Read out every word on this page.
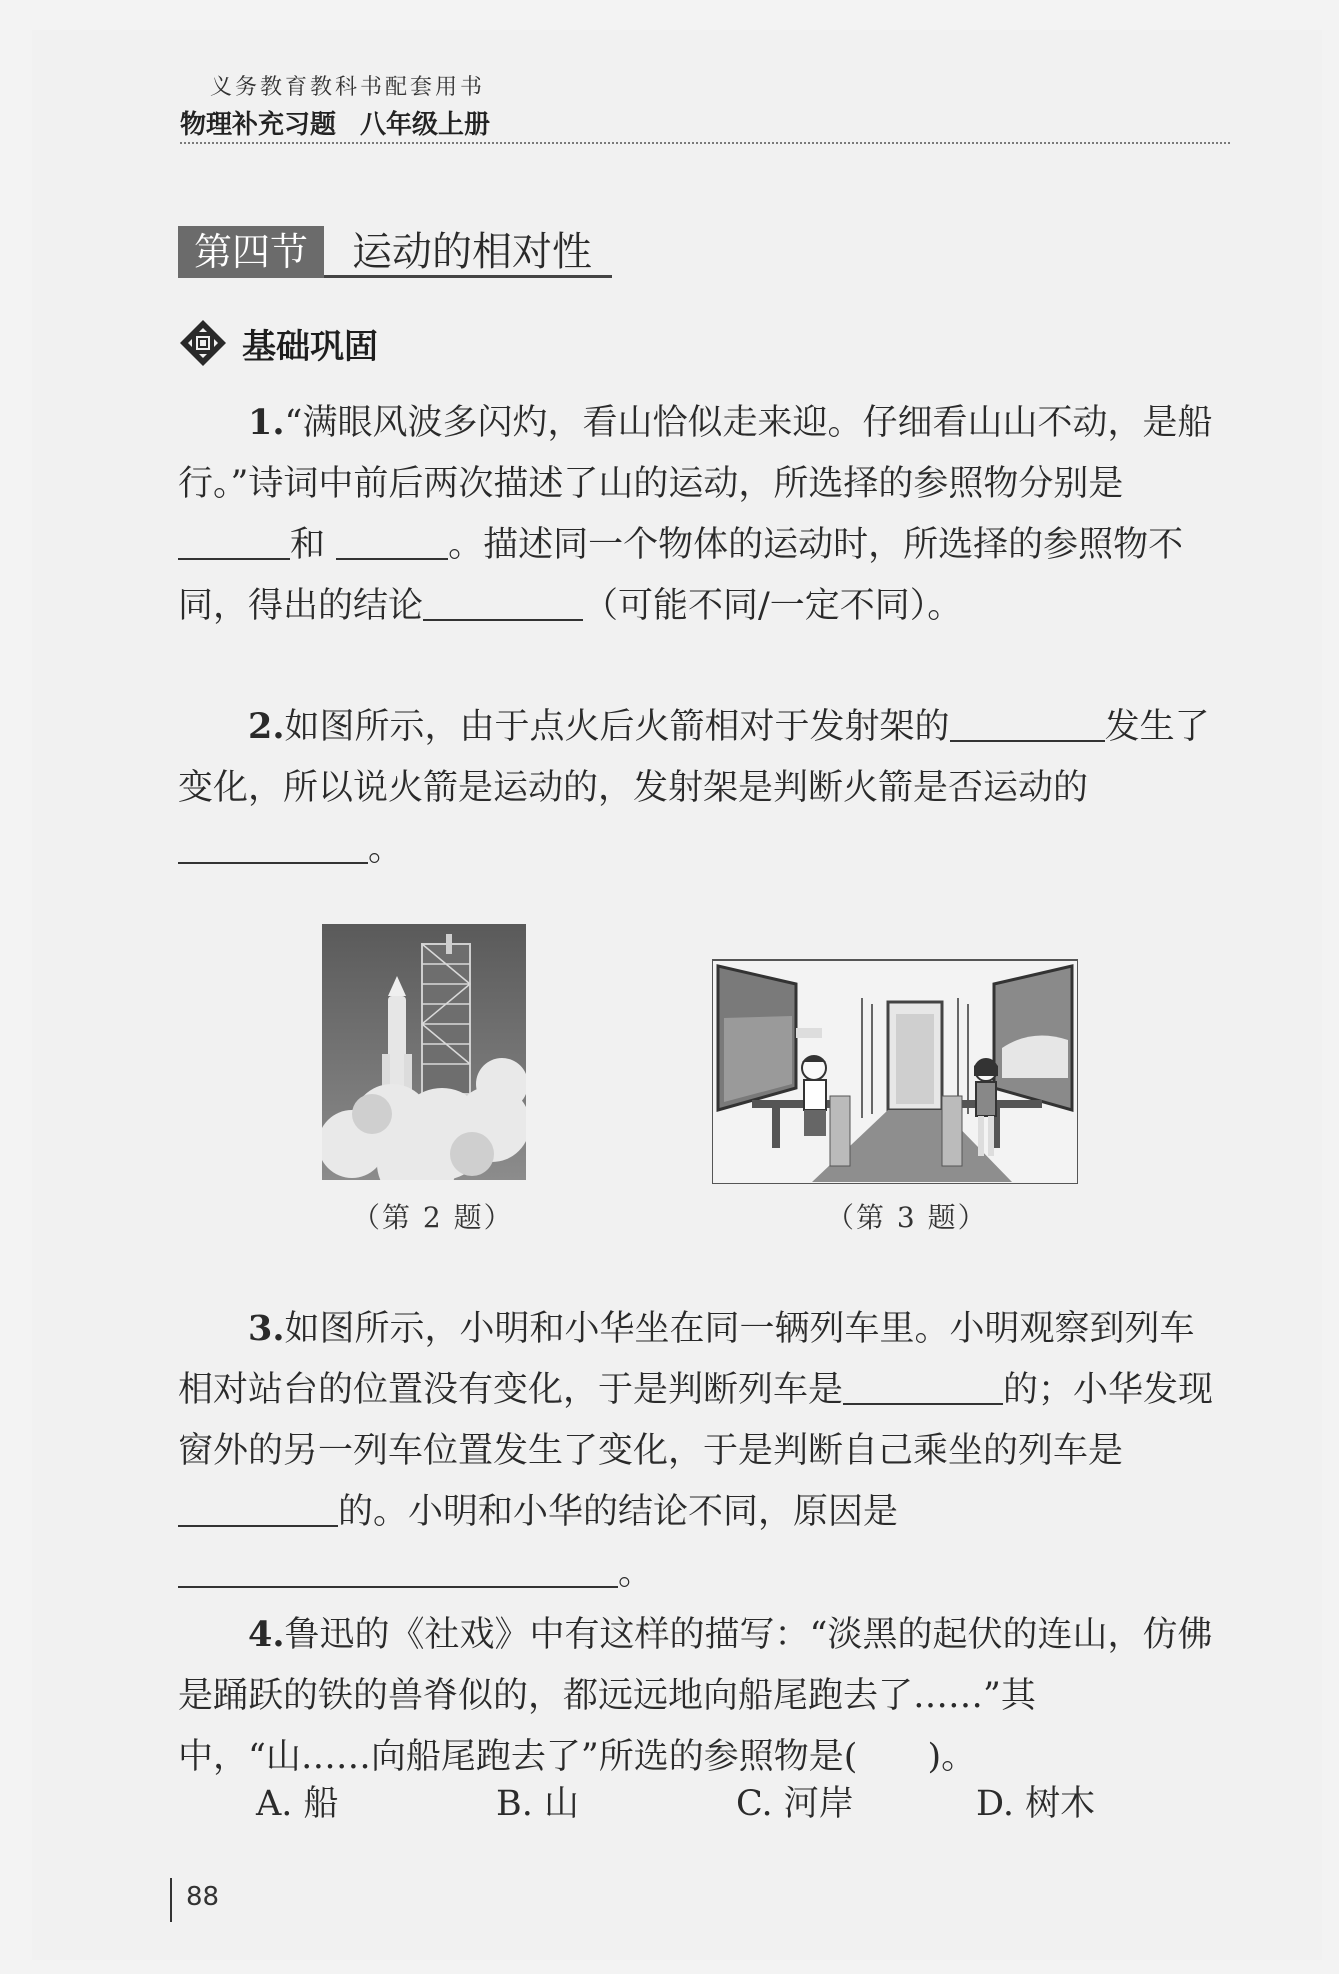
义务教育教科书配套用书
物理补充习题 八年级上册
第四节	运动的相对性
基础巩固
1.“满眼风波多闪灼，看山恰似走来迎。仔细看山山不动，是船行。”诗词中前后两次描述了山的运动，所选择的参照物分别是和	。描述同一个物体的运动时，所选择的参照物不同，得出的结论	（可能不同/一定不同）。
2.如图所示，由于点火后火箭相对于发射架的	发生了变化，所以说火箭是运动的，发射架是判断火箭是否运动的。
（第 2 题）	（第 3 题）
3.如图所示，小明和小华坐在同一辆列车里。小明观察到列车相对站台的位置没有变化，于是判断列车是	的；小华发现窗外的另一列车位置发生了变化，于是判断自己乘坐的列车是的。小明和小华的结论不同，原因是。
4.鲁迅的《社戏》中有这样的描写：“淡黑的起伏的连山，仿佛是踊跃的铁的兽脊似的，都远远地向船尾跑去了……”其中，“山……向船尾跑去了”所选的参照物是(　　)。
A. 船	B. 山	C. 河岸	D. 树木
88
